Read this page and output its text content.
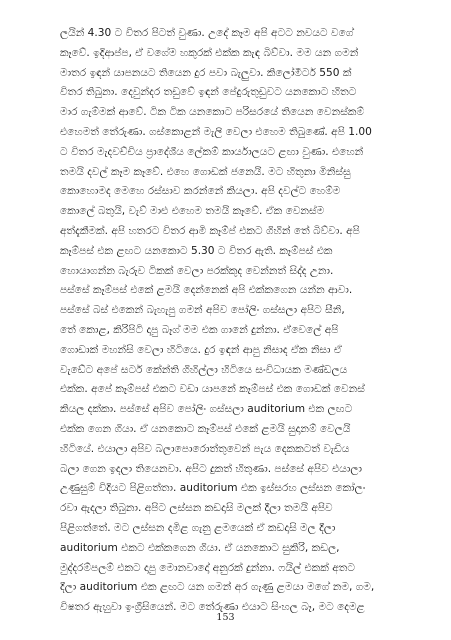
ලයින් 4.30 ට විතර පිටත් වුණා. උදේ කෑම අපි අටට නවයට වගේ
කෑවේ. ඉදිආප්ප, ඒ වගේම හකුරක් එක්ක කැඳ බිව්වා. මම යන ගමන්
මාතර ඉඳන් යාපනයට තියෙන දුර පවා බැලුවා. කිලෝමීටර් 550 ක්
විතර තිබුනා. දෙවුන්දර තඩුවේ ඉඳන් පේදුරුතුඩුවට යනකොට හිතට
මාර ගැම්මක් ආවේ. ටික ටික යනකොට පරිසරයේ තියෙන වෙනස්කම්
එහෙමත් තේරුණා. ගස්කොළන් මැලි වෙලා එහෙම තිබුණේ. අපි 1.00
ට විතර මැදවච්චිය ප්‍රාදේශීය ලේකම් කාර්යාලයට ළඟා වුණා. එහෙන්
තමයි දවල් කෑම කෑවේ. එහෙ ගොඩක් ජනෙයි. මට හිතුනා මිනිස්සු
කොහොමද මෙහෙ රස්සාව කරන්නේ කියලා. අපි දවල්ට හෙම්ම
කොලේ බතුයි, වැව් මාළු එහෙම තමයි කෑවේ. ඒක වෙනස්ම
අත්දැකීමක්. අපි හතරට විතර ආමි කෑම්ප් එකට ගිහින් තේ බිව්වා. අපි
කෑම්පස් එක ළඟට යනකොට 5.30 ට විතර ඇති. කෑම්පස් එක
හොයාගන්න බැරුව ටිකක් වෙලා පරක්කුද වෙන්නත් සිද්ද උනා.
පස්සේ කෑම්පස් එකේ ළමයි දෙන්නෙක් අපි එක්කගෙන යන්න ආවා.
පස්සේ බස් එකෙන් බැහැපු ගමන් අපිව පෝලිං ගස්සලා අපිට සීනි,
තේ කොළ, කිරිපිටි දාපු බෑග් මම එක ගානේ දුන්නා. ඒවෙලේ අපි
ගොඩාක් මහන්සි වෙලා හිටියෙ. දුර ඉඳන් ආපු නිසාද ඒක නිසා ඒ
වැඩේට අපේ සර්ට කේන්ති ගිහිල්ලා හිටියෙ සංවිධායක මණ්ඩලය
එක්ක. අපේ කෑම්පස් එකට වඩා යාපනේ කෑම්පස් එක ගොඩක් වෙනස්
කියල දක්කා. පස්සේ අපිව පෝලිං ගස්සලා auditorium එක ලඟට
එක්ක ගෙන ගියා. ඒ යනකොට කෑම්පස් එකේ ළමයි සුදානම් වෙලයි
හිටියේ. එයාලා අපිව බලාපොරොත්තුවෙන් පැය දෙකකටත් වැඩිය
බලා ගෙන ඉදලා තියෙනවා. අපිට දුකත් හිතුණා. පස්සේ අපිව එයාලා
උණුසුම් විදියට පිළිගත්තා. auditorium එක ඉස්සරහ ලස්සන කෝලං
රවා ඇදලා තිබුනා. අපිට ලස්සන කඩදාසි මලක් දීලා තමයි අපිව
පිළිගත්තේ. මට ලස්සන දමිළ ගැනු ළමයෙක් ඒ කඩදාසි මල දීලා
auditorium එකට එක්කගෙන ගියා. ඒ යනකොට සුකිරි, කඩල,
මුද්දරම්පලම් එකට දාපු මොනවාදෝ අනුරක් දුන්නා. ෆයිල් එකක් අතට
දීලා auditorium එක ළඟට යන ගමන් අර ගැණු ළමයා මගේ නම, ගම,
විෂතර ඇහුවා ඉංග්‍රීසියෙන්. මට තේරුණා එයාට සිංහල බෑ, මට දෙමළ
153
